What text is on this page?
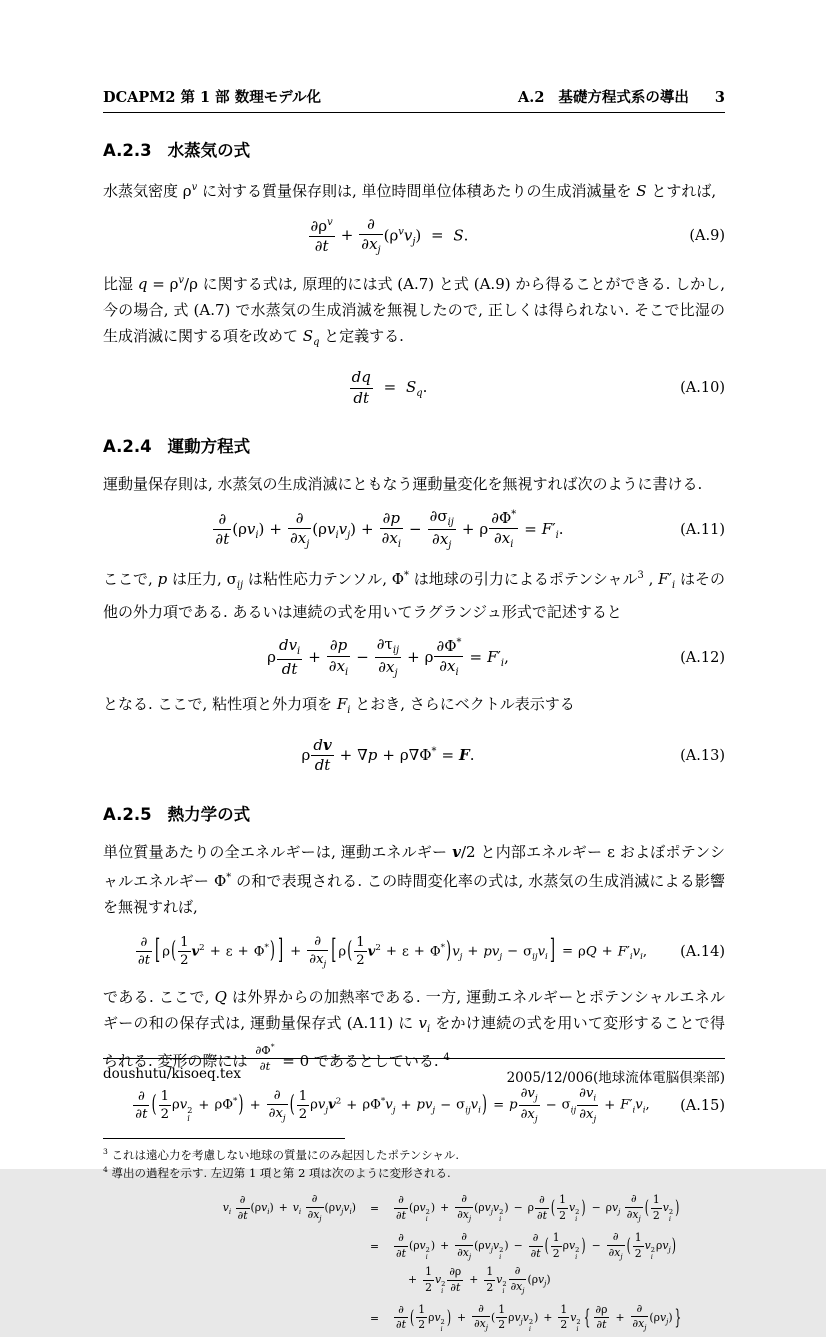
DCAPM2 第 1 部 数理モデル化	A.2 基礎方程式系の導出 3
A.2.3 水蒸気の式
水蒸気密度 $\rho^v$ に対する質量保存則は, 単位時間単位体積あたりの生成消滅量を S とすれば,
$\frac{\partial\rho^v}{\partial t}$ +
∂
$\partial x_j$
$(\rho^vv_j) = S$.	(A.9)
比湿 $q = \rho^v/\rho$ に関する式は, 原理的には式 (A.7) と式 (A.9) から得ることができる. しかし, 今の場合, 式 (A.7) で水蒸気の生成消滅を無視したので, 正しくは得られない. そこで比湿の生成消滅に関する項を改めて $S_q$ と定義する.
$\frac{dq}{dt} = S_q$.	(A.10)
A.2.4 運動方程式
運動量保存則は, 水蒸気の生成消滅にともなう運動量変化を無視すれば次のように書ける.
∂
∂t
$(\rho v_i)$ +
∂
$\partial x_j$
$(\rho v_iv_j) + \frac{\partial p}{\partial x_i}$ −
$\partial\sigma_{ij}$
$\partial x_j$
+ ρ $\frac{\partial\Phi^*}{\partial x_i} = F'_i$.	(A.11)
ここで, p は圧力, $\sigma_{ij}$ は粘性応力テンソル, Φ* は地球の引力によるポテンシャル$^3$ , $F'_i$ はその他の外力項である. あるいは連続の式を用いてラグランジュ形式で記述すると
ρ
$dv_i$
dt
+ $\frac{\partial p}{\partial x_i}$ −
$\partial\tau_{ij}$
$\partial x_j$
+ ρ $\frac{\partial\Phi^*}{\partial x_i} = F'_i$,	(A.12)
となる. ここで, 粘性項と外力項を $F_i$ とおき, さらにベクトル表示する
ρ $\frac{dv}{dt} + \nabla p + \rho\nabla\Phi^* = F$.	(A.13)
A.2.5 熱力学の式
単位質量あたりの全エネルギーは, 運動エネルギー v/2 と内部エネルギー ε およぼポテンシャルエネルギー Φ* の和で表現される. この時間変化率の式は, 水蒸気の生成消滅による影響を無視すれば,
∂
∂t [ $\rho( \frac{1}{2} v^2 + \varepsilon + \Phi^*)$ ] +
∂
$\partial x_j$ [ $\rho( \frac{1}{2} v^2 + \varepsilon + \Phi^*)v_j + pv_j - \sigma_{ij}v_i$ ] = $\rho Q + F'_iv_i$, (A.14)
である. ここで, Q は外界からの加熱率である. 一方, 運動エネルギーとポテンシャルエネルギーの和の保存式は, 運動量保存式 (A.11) に $v_i$ をかけ連続の式を用いて変形することで得られる. 変形の際には $\frac{\partial\Phi^*}{\partial t} = 0$ であるとしている. $^4$
∂
∂t ( $\frac{1}{2}$ ρv 2
i
+ ρΦ*) +
∂
$\partial x_j$ ( $\frac{1}{2} \rho v_jv^2 + \rho\Phi^*v_j + pv_j - \sigma_{ij}v_i) = p \frac{\partial v_j}{\partial x_j} - \sigma_{ij} \frac{\partial v_i}{\partial x_j} + F'_iv_i$, (A.15)
$^3$ これは遠心力を考慮しない地球の質量にのみ起因したポテンシャル.
$^4$ 導出の過程を示す. 左辺第 1 項と第 2 項は次のように変形される.
$v_i$
∂
∂t
$(\rho v_i) + v_i$
∂
$\partial x_j$
$(\rho v_jv_i)$	=	
∂
∂t
(ρv 2
i
) +
∂
$\partial x_j$
($\rho v_jv$ 2
i
) − ρ
∂
∂t ( $\frac{1}{2}$ v 2
i
) − $\rho v_j$
∂
$\partial x_j$ ( $\frac{1}{2}$ v 2
i
)
	=	
∂
∂t
(ρv 2
i
) +
∂
$\partial x_j$
($\rho v_jv$ 2
i
) −
∂
∂t ( $\frac{1}{2}$ ρv 2
i
) −
∂
$\partial x_j$ ( $\frac{1}{2}$ v 2
i
$\rho v_j$)
		+ $\frac{1}{2}$ v 2
i $\frac{\partial\rho}{\partial t} + \frac{1}{2}$ v 2
i
∂
$\partial x_j$
$(\rho v_j)$
	=	
∂
∂t ( $\frac{1}{2}$ ρv 2
i
) +
∂
$\partial x_j$
( $\frac{1}{2} \rho v_jv$ 2
i
) + $\frac{1}{2}$ v 2
i { $\frac{\partial\rho}{\partial t}$ +
∂
$\partial x_j$
$(\rho v_j)$ }
doushutu/kisoeq.tex	2005/12/006(地球流体電脳倶楽部)
